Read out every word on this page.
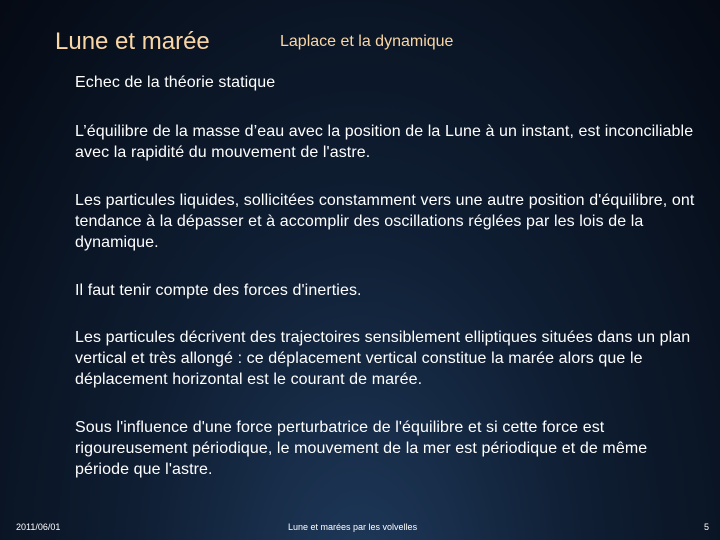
Lune et marée	Laplace et la dynamique
Echec de la théorie statique
L’équilibre de la masse d’eau avec la position de la Lune à un instant, est inconciliable avec la rapidité du mouvement de l'astre.
Les particules liquides, sollicitées constamment vers une autre position d'équilibre, ont tendance à la dépasser et à accomplir des oscillations réglées par les lois de la dynamique.
Il faut tenir compte des forces d'inerties.
Les particules décrivent des trajectoires sensiblement elliptiques situées dans un plan vertical et très allongé : ce déplacement vertical constitue la marée alors que le déplacement horizontal est le courant de marée.
Sous l'influence d'une force perturbatrice de l'équilibre et si cette force est rigoureusement périodique, le mouvement de la mer est périodique et de même période que l'astre.
2011/06/01	Lune et marées par les volvelles	5
